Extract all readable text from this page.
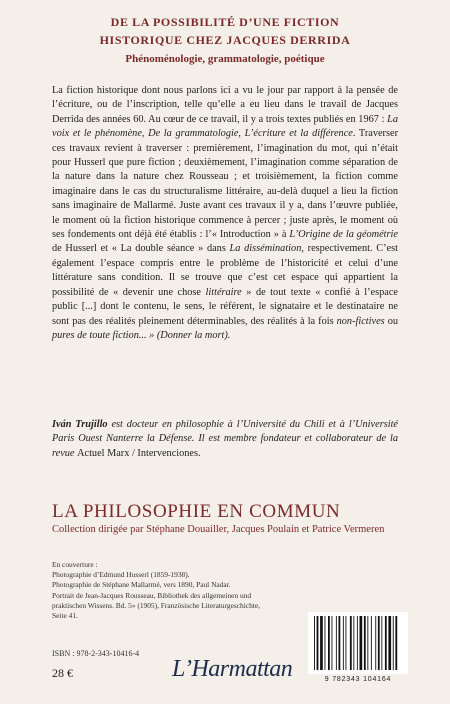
DE LA POSSIBILITÉ D’UNE FICTION
HISTORIQUE CHEZ JACQUES DERRIDA
Phénoménologie, grammatologie, poétique

La fiction historique dont nous parlons ici a vu le jour par rapport à la pensée de l’écriture, ou de l’inscription, telle qu’elle a eu lieu dans le travail de Jacques Derrida des années 60. Au cœur de ce travail, il y a trois textes publiés en 1967 : La voix et le phénomène, De la grammatologie, L’écriture et la différence. Traverser ces travaux revient à traverser : premièrement, l’imagination du mot, qui n’était pour Husserl que pure fiction ; deuxièmement, l’imagination comme séparation de la nature dans la nature chez Rousseau ; et troisièmement, la fiction comme imaginaire dans le cas du structuralisme littéraire, au-delà duquel a lieu la fiction sans imaginaire de Mallarmé. Juste avant ces travaux il y a, dans l’œuvre publiée, le moment où la fiction historique commence à percer ; juste après, le moment où ses fondements ont déjà été établis : l’« Introduction » à L’Origine de la géométrie de Husserl et « La double séance » dans La dissémination, respectivement. C’est également l’espace compris entre le problème de l’historicité et celui d’une littérature sans condition. Il se trouve que c’est cet espace qui appartient la possibilité de « devenir une chose littéraire » de tout texte « confié à l’espace public [...] dont le contenu, le sens, le référent, le signataire et le destinataire ne sont pas des réalités pleinement déterminables, des réalités à la fois non-fictives ou pures de toute fiction... » (Donner la mort).

Iván Trujillo est docteur en philosophie à l’Université du Chili et à l’Université Paris Ouest Nanterre la Défense. Il est membre fondateur et collaborateur de la revue Actuel Marx / Intervenciones.
LA PHILOSOPHIE EN COMMUN
Collection dirigée par Stéphane Douailler, Jacques Poulain et Patrice Vermeren
En couverture :
Photographie d’Edmund Husserl (1859-1938).
Photographie de Stéphane Mallarmé, vers 1890, Paul Nadar.
Portrait de Jean-Jacques Rousseau, Bibliothek des allgemeinen und
praktischen Wissens. Bd. 5» (1905), Französische Literaturgeschichte,
Seite 41.
ISBN : 978-2-343-10416-4
28 €	L’Harmattan	9 782343 104164
